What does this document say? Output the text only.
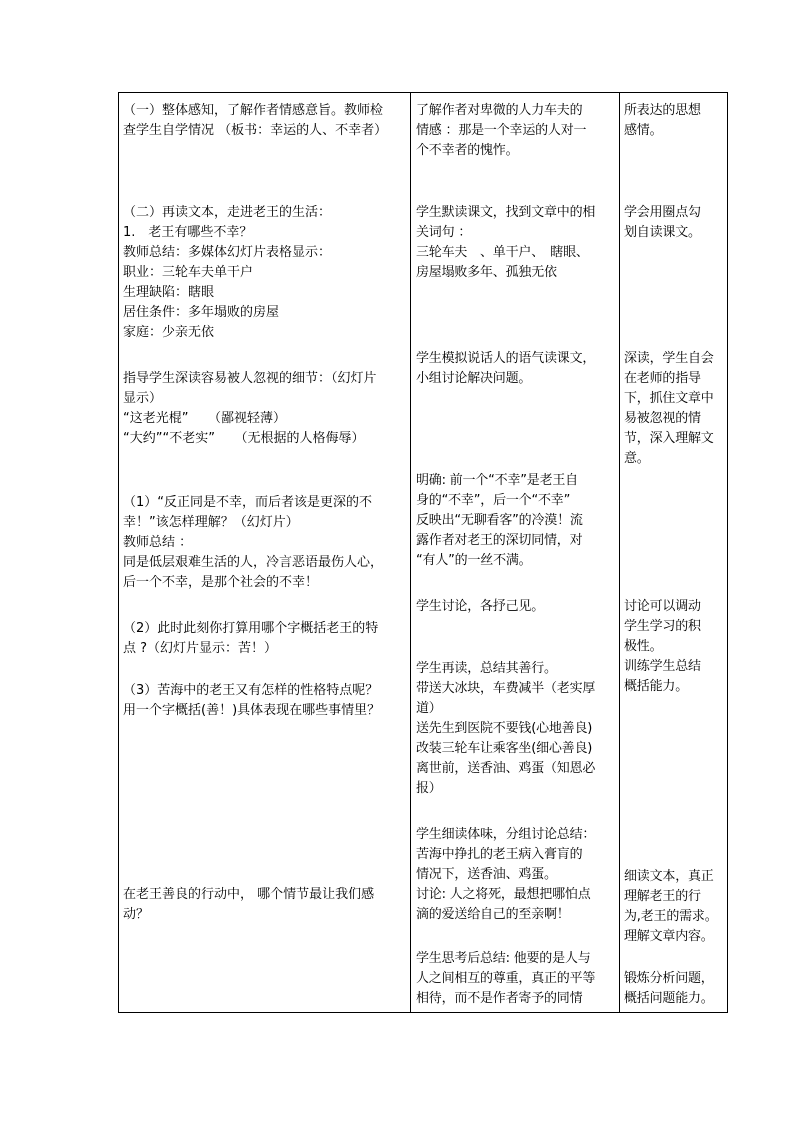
（一）整体感知，了解作者情感意旨。教师检
查学生自学情况 （板书：幸运的人、不幸者）
（二）再读文本，走进老王的生活：
1.　老王有哪些不幸？
教师总结：多媒体幻灯片表格显示：
职业：三轮车夫单干户
生理缺陷：瞎眼
居住条件：多年塌败的房屋
家庭：少亲无依
指导学生深读容易被人忽视的细节：（幻灯片
显示）
“这老光棍”　　（鄙视轻薄）
“大约”“不老实”　　（无根据的人格侮辱）
（1）“反正同是不幸，而后者该是更深的不
幸！”该怎样理解？（幻灯片）
教师总结 ：
同是低层艰难生活的人，冷言恶语最伤人心，
后一个不幸，是那个社会的不幸！
（2）此时此刻你打算用哪个字概括老王的特
点 ?（幻灯片显示：苦！）
（3）苦海中的老王又有怎样的性格特点呢？
用一个字概括(善！)具体表现在哪些事情里？
在老王善良的行动中， 哪个情节最让我们感
动？
了解作者对卑微的人力车夫的
情感 ：那是一个幸运的人对一
个不幸者的愧怍。
学生默读课文，找到文章中的相
关词句 ：
三轮车夫　、单干户、　瞎眼、
房屋塌败多年、孤独无依
学生模拟说话人的语气读课文，
小组讨论解决问题。
明确: 前一个“不幸”是老王自
身的“不幸”，后一个“不幸”
反映出“无聊看客”的冷漠！流
露作者对老王的深切同情，对
“有人”的一丝不满。
学生讨论，各抒己见。
学生再读，总结其善行。
带送大冰块，车费减半（老实厚
道）
送先生到医院不要钱(心地善良)
改装三轮车让乘客坐(细心善良)
离世前，送香油、鸡蛋（知恩必
报）
学生细读体味，分组讨论总结：
苦海中挣扎的老王病入膏肓的
情况下，送香油、鸡蛋。
讨论: 人之将死，最想把哪怕点
滴的爱送给自己的至亲啊！
学生思考后总结: 他要的是人与
人之间相互的尊重，真正的平等
相待，而不是作者寄予的同情
所表达的思想
感情。
学会用圈点勾
划自读课文。
深读，学生自会
在老师的指导
下，抓住文章中
易被忽视的情
节，深入理解文
意。
讨论可以调动
学生学习的积
极性。
训练学生总结
概括能力。
细读文本，真正
理解老王的行
为,老王的需求。
理解文章内容。
锻炼分析问题，
概括问题能力。
